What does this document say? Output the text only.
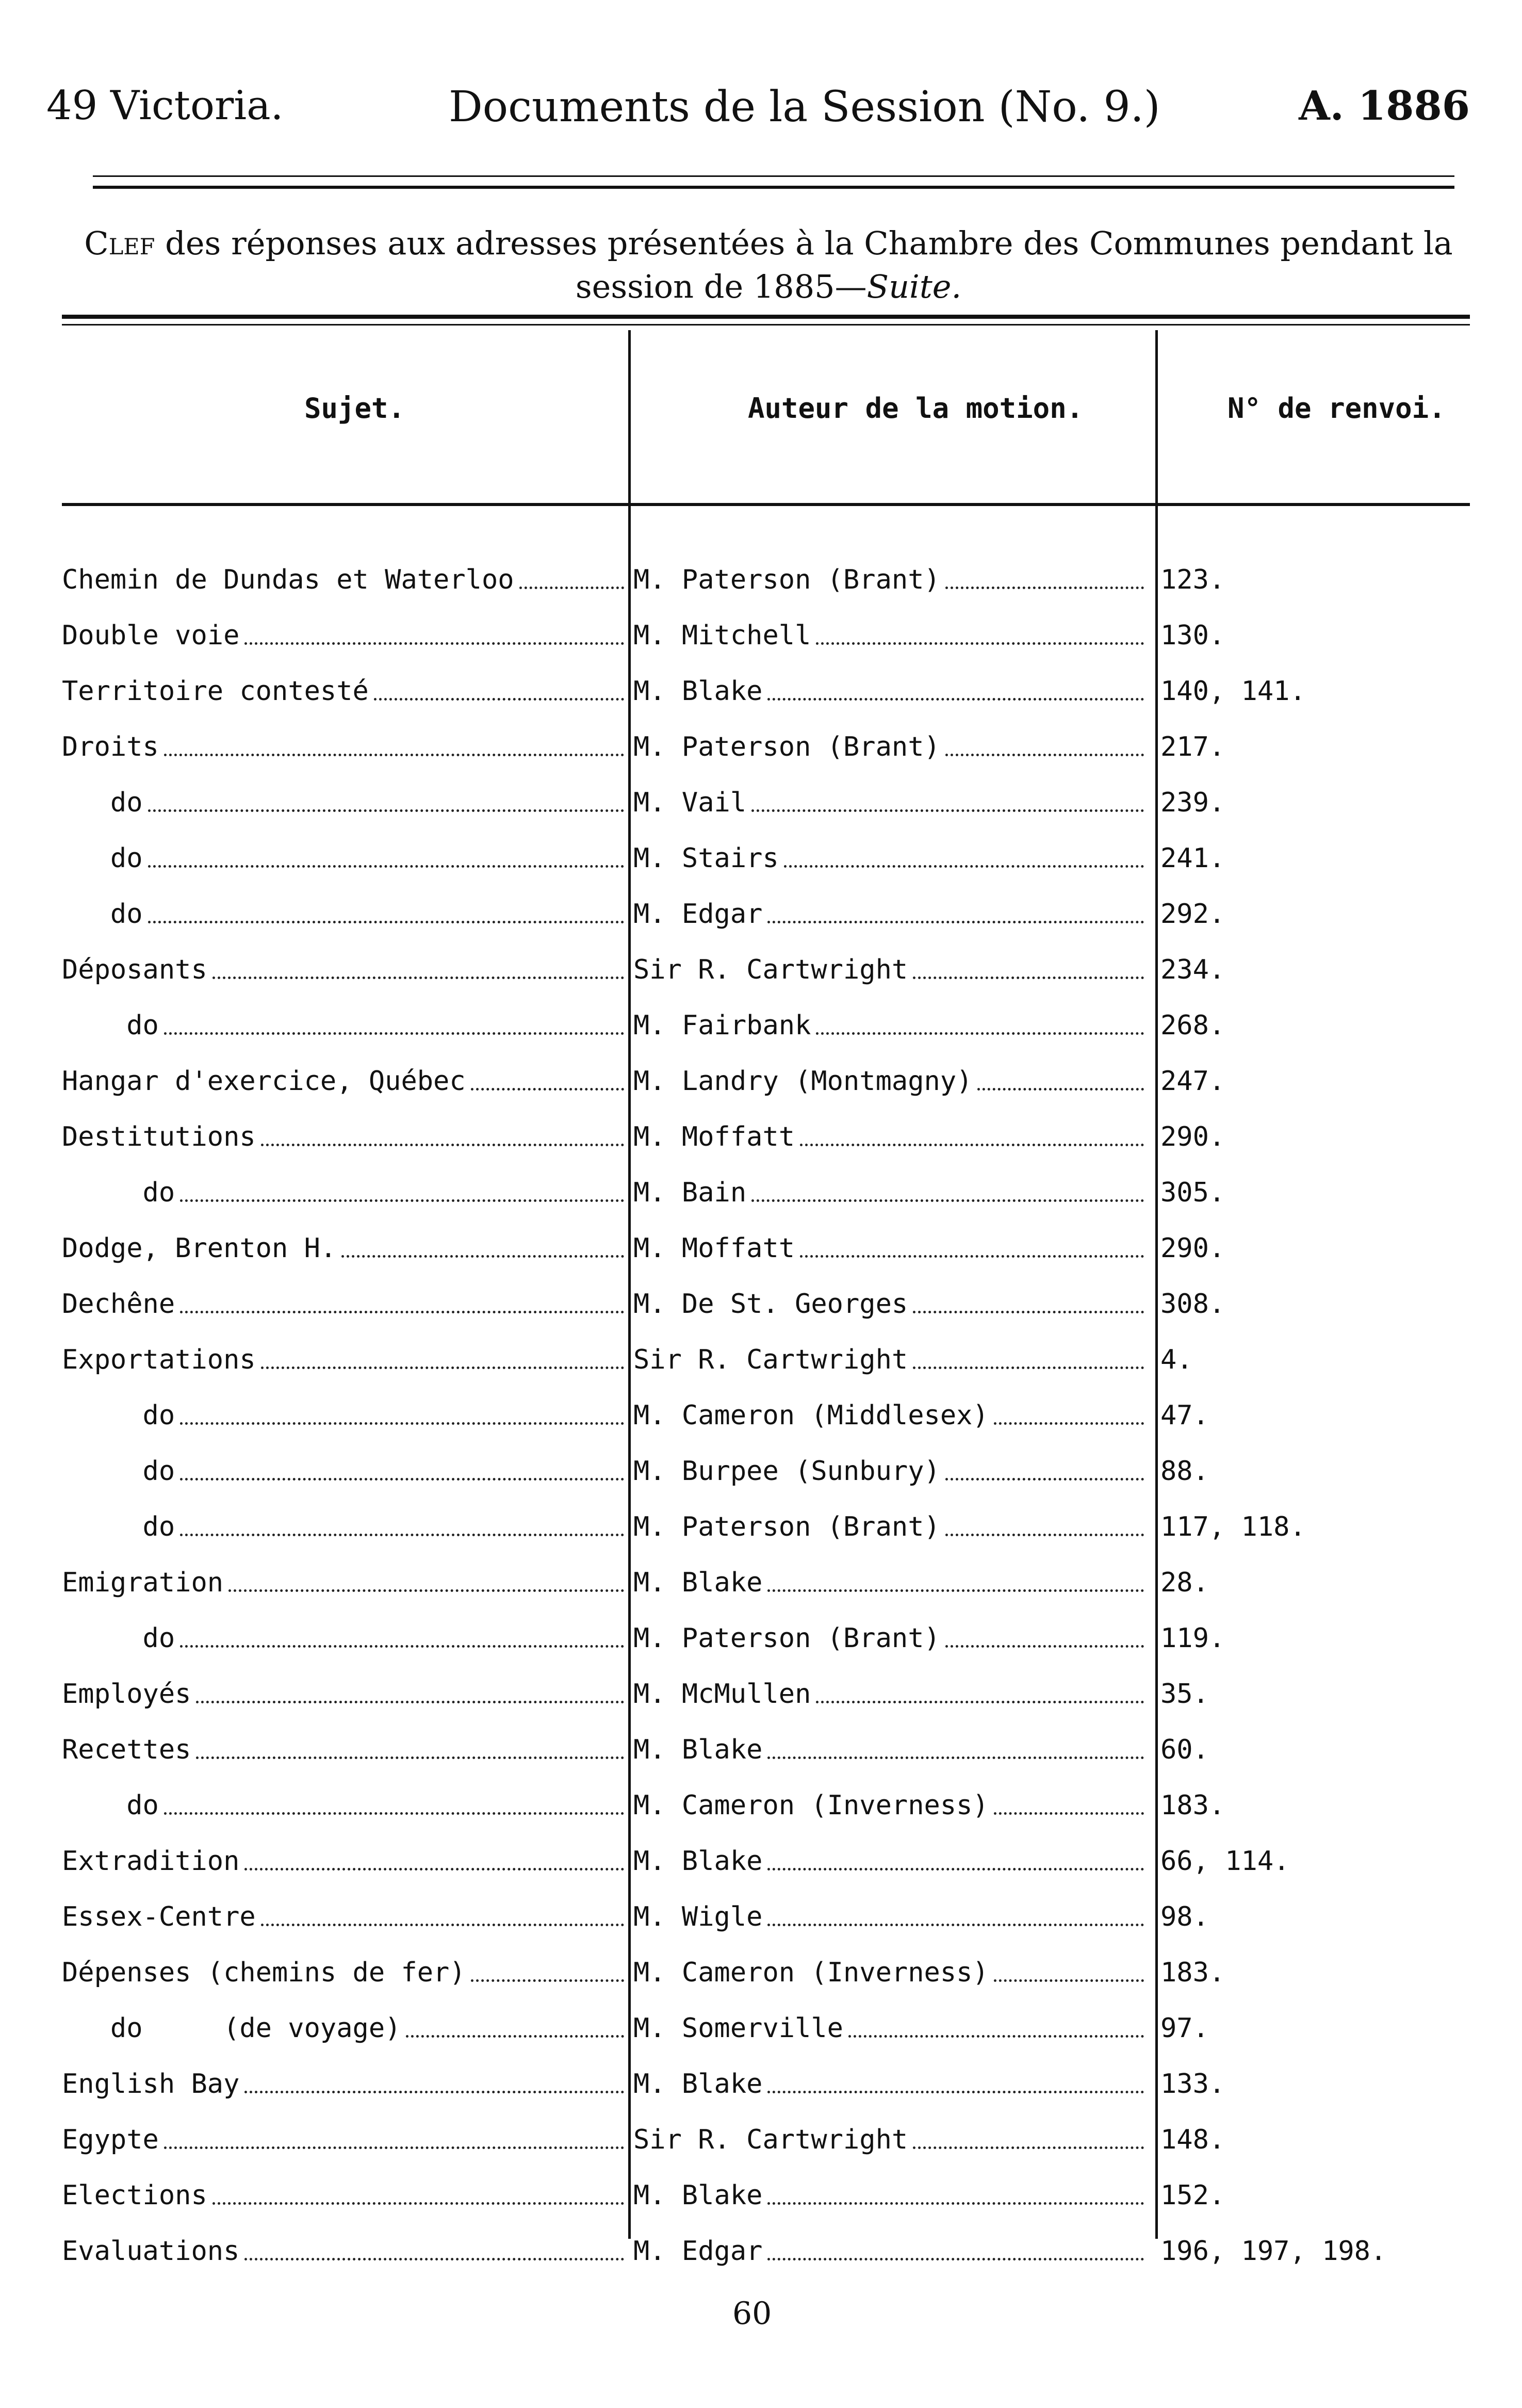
49 Victoria.	Documents de la Session (No. 9.)	A. 1886
Clef des réponses aux adresses présentées à la Chambre des Communes pendant la
session de 1885—Suite.
Sujet.	Auteur de la motion.	N° de renvoi.
Chemin de Dundas et Waterloo	M. Paterson (Brant)	123.
Double voie	M. Mitchell	130.
Territoire contesté	M. Blake	140, 141.
Droits	M. Paterson (Brant)	217.
do	M. Vail	239.
do	M. Stairs	241.
do	M. Edgar	292.
Déposants	Sir R. Cartwright	234.
do	M. Fairbank	268.
Hangar d'exercice, Québec	M. Landry (Montmagny)	247.
Destitutions	M. Moffatt	290.
do	M. Bain	305.
Dodge, Brenton H.	M. Moffatt	290.
Dechêne	M. De St. Georges	308.
Exportations	Sir R. Cartwright	4.
do	M. Cameron (Middlesex)	47.
do	M. Burpee (Sunbury)	88.
do	M. Paterson (Brant)	117, 118.
Emigration	M. Blake	28.
do	M. Paterson (Brant)	119.
Employés	M. McMullen	35.
Recettes	M. Blake	60.
do	M. Cameron (Inverness)	183.
Extradition	M. Blake	66, 114.
Essex-Centre	M. Wigle	98.
Dépenses (chemins de fer)	M. Cameron (Inverness)	183.
do     (de voyage)	M. Somerville	97.
English Bay	M. Blake	133.
Egypte	Sir R. Cartwright	148.
Elections	M. Blake	152.
Evaluations	M. Edgar	196, 197, 198.
60
